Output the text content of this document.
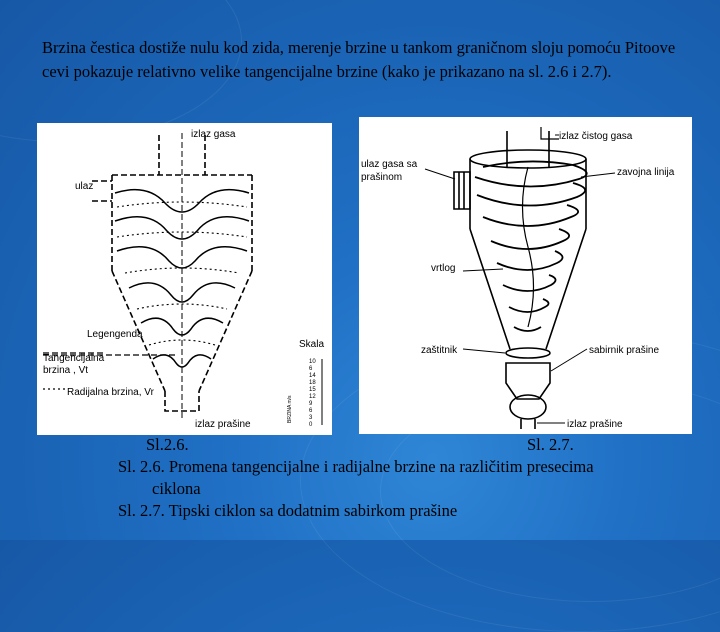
Brzina čestica dostiže nulu kod zida, merenje brzine u tankom graničnom sloju pomoću Pitoove cevi pokazuje relativno velike tangencijalne brzine (kako je prikazano na sl. 2.6 i 2.7).

izlaz gasa
ulaz
Legengenda
Tangencijalna
brzina , Vt
Radijalna brzina, Vr
Skala
BRZINA m/s
10
6
14
18
15
12
9
6
3
0
izlaz prašine
izlaz čistog gasa
ulaz gasa sa
prašinom	zavojna linija
vrtlog
zaštitnik	sabirnik prašine
izlaz prašine

Sl.2.6.	Sl. 2.7.

Sl. 2.6. Promena tangencijalne i radijalne brzine na različitim presecima

ciklona

Sl. 2.7. Tipski ciklon sa dodatnim sabirkom prašine
